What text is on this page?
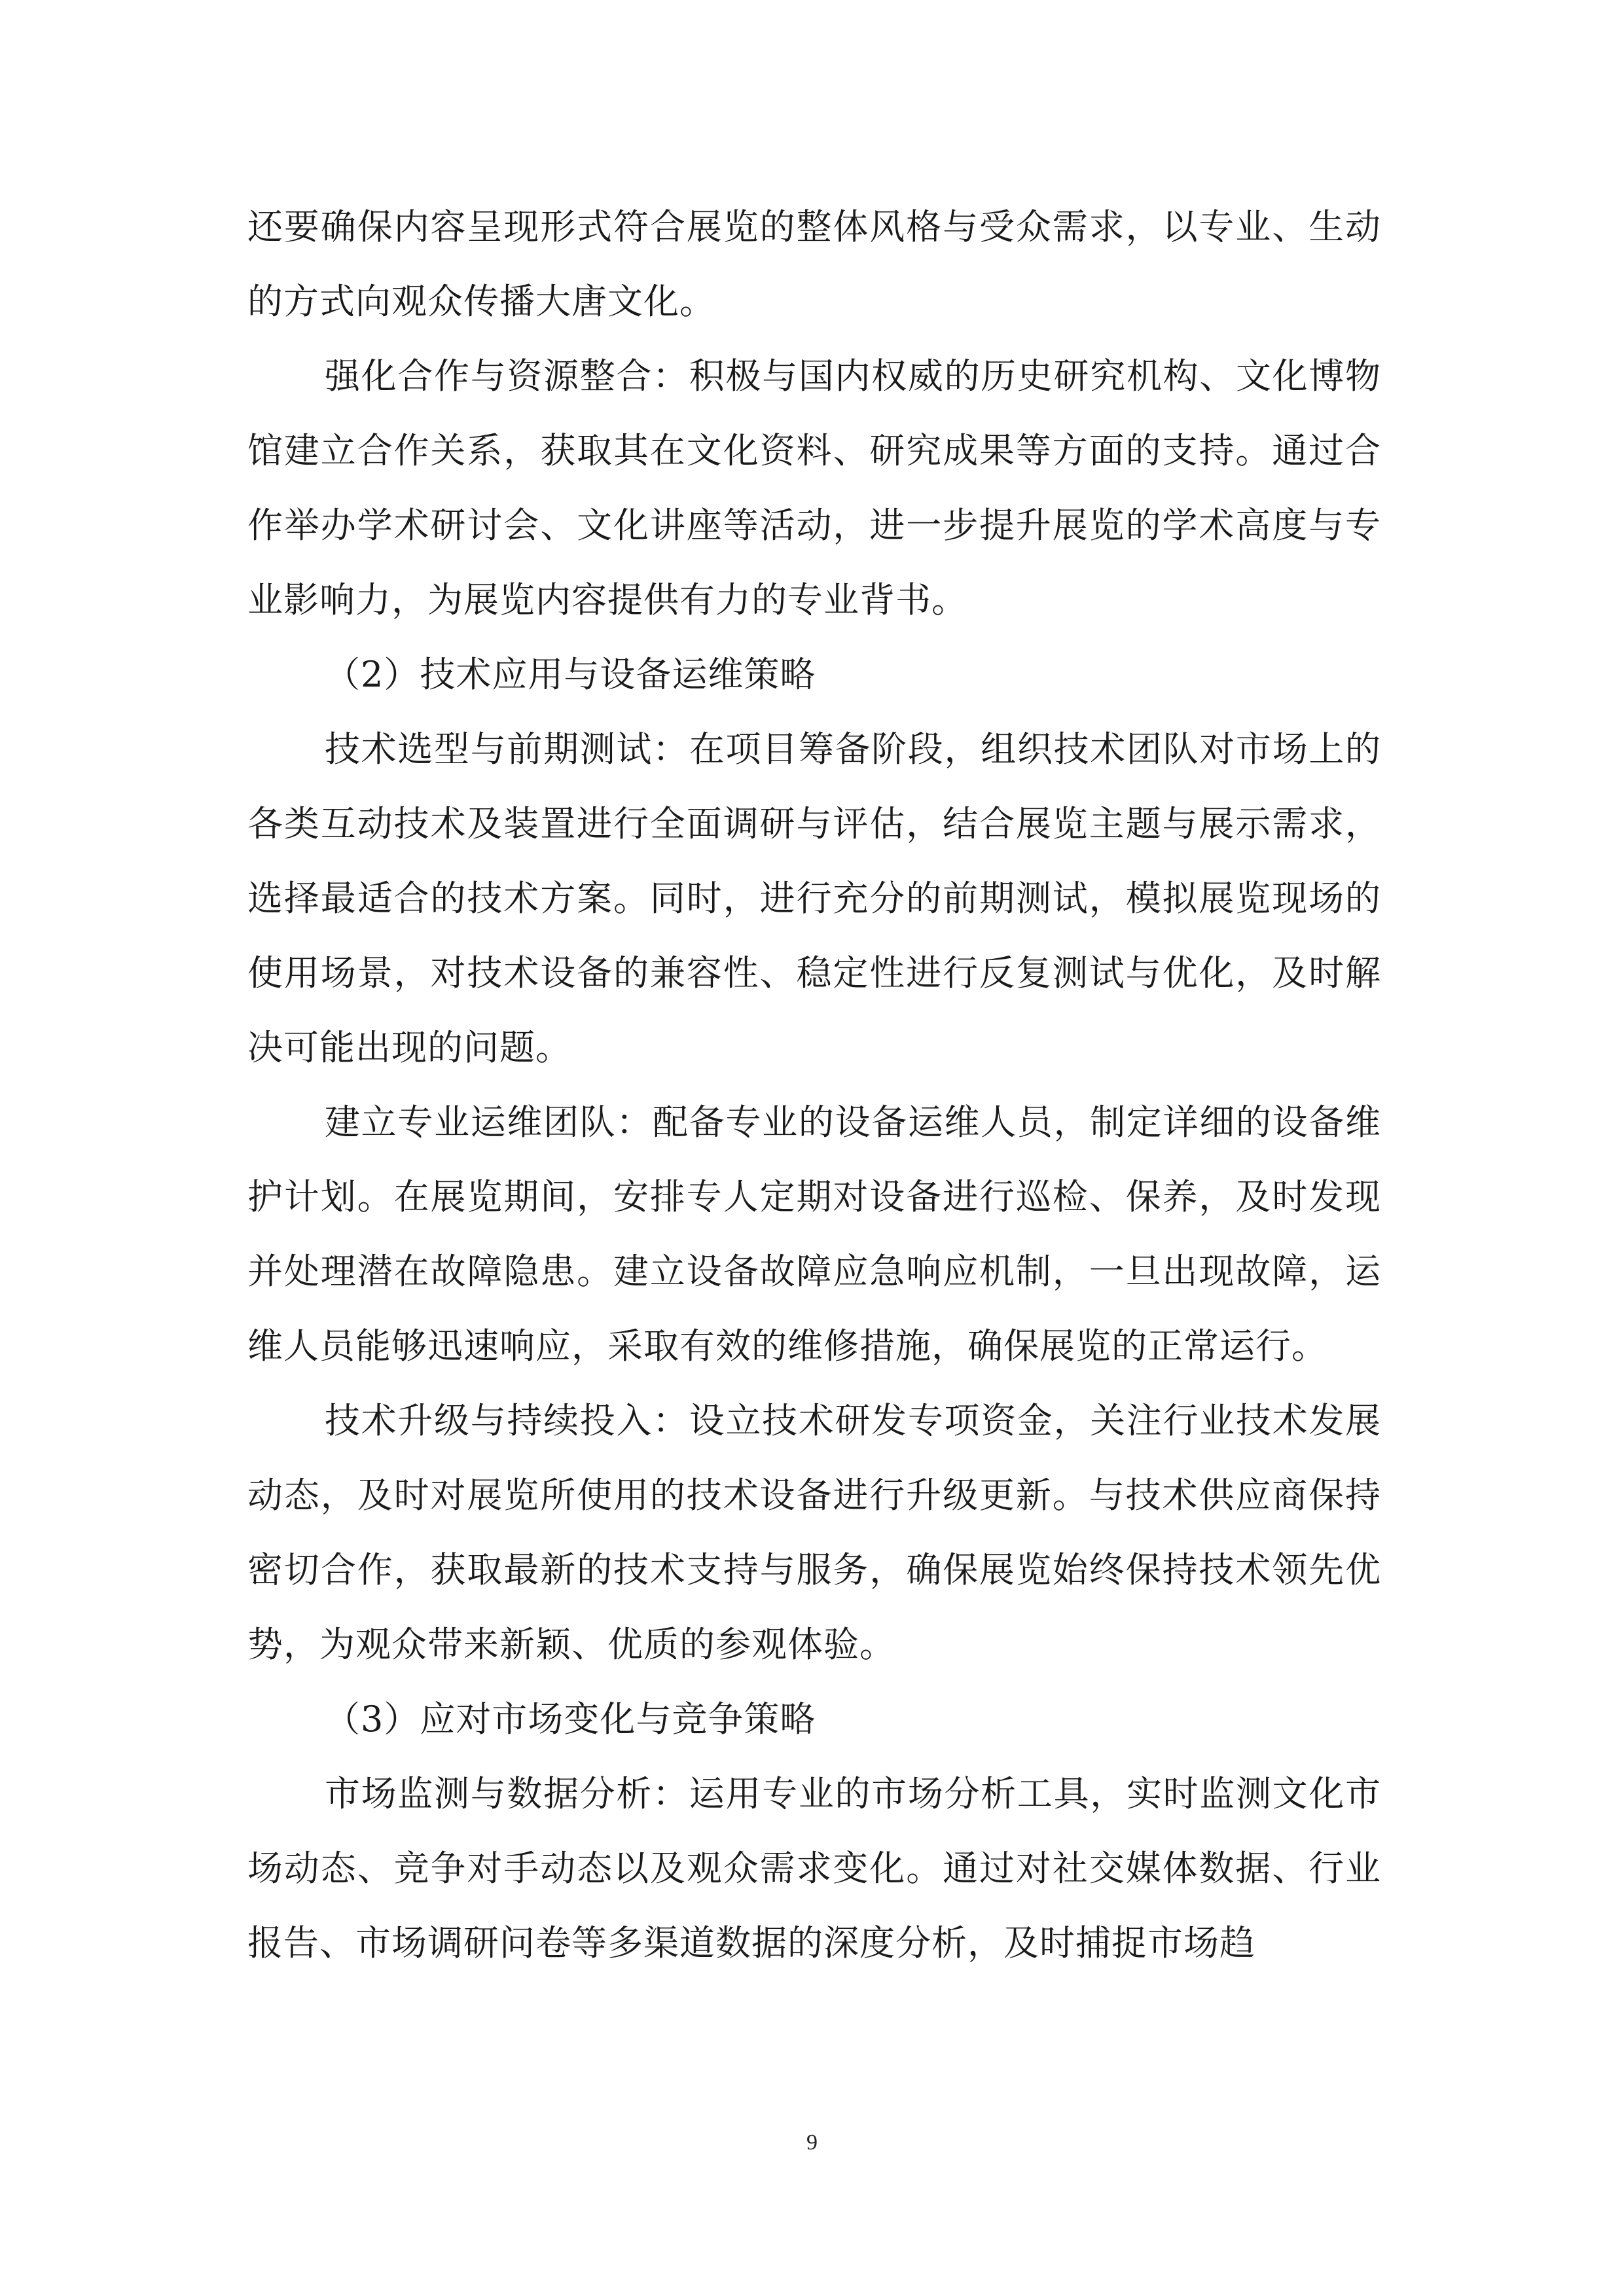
还要确保内容呈现形式符合展览的整体风格与受众需求，以专业、生动的方式向观众传播大唐文化。

强化合作与资源整合：积极与国内权威的历史研究机构、文化博物馆建立合作关系，获取其在文化资料、研究成果等方面的支持。通过合作举办学术研讨会、文化讲座等活动，进一步提升展览的学术高度与专业影响力，为展览内容提供有力的专业背书。

（2）技术应用与设备运维策略

技术选型与前期测试：在项目筹备阶段，组织技术团队对市场上的各类互动技术及装置进行全面调研与评估，结合展览主题与展示需求，选择最适合的技术方案。同时，进行充分的前期测试，模拟展览现场的使用场景，对技术设备的兼容性、稳定性进行反复测试与优化，及时解决可能出现的问题。

建立专业运维团队：配备专业的设备运维人员，制定详细的设备维护计划。在展览期间，安排专人定期对设备进行巡检、保养，及时发现并处理潜在故障隐患。建立设备故障应急响应机制，一旦出现故障，运维人员能够迅速响应，采取有效的维修措施，确保展览的正常运行。

技术升级与持续投入：设立技术研发专项资金，关注行业技术发展动态，及时对展览所使用的技术设备进行升级更新。与技术供应商保持密切合作，获取最新的技术支持与服务，确保展览始终保持技术领先优势，为观众带来新颖、优质的参观体验。

（3）应对市场变化与竞争策略

市场监测与数据分析：运用专业的市场分析工具，实时监测文化市场动态、竞争对手动态以及观众需求变化。通过对社交媒体数据、行业报告、市场调研问卷等多渠道数据的深度分析，及时捕捉市场趋

9
